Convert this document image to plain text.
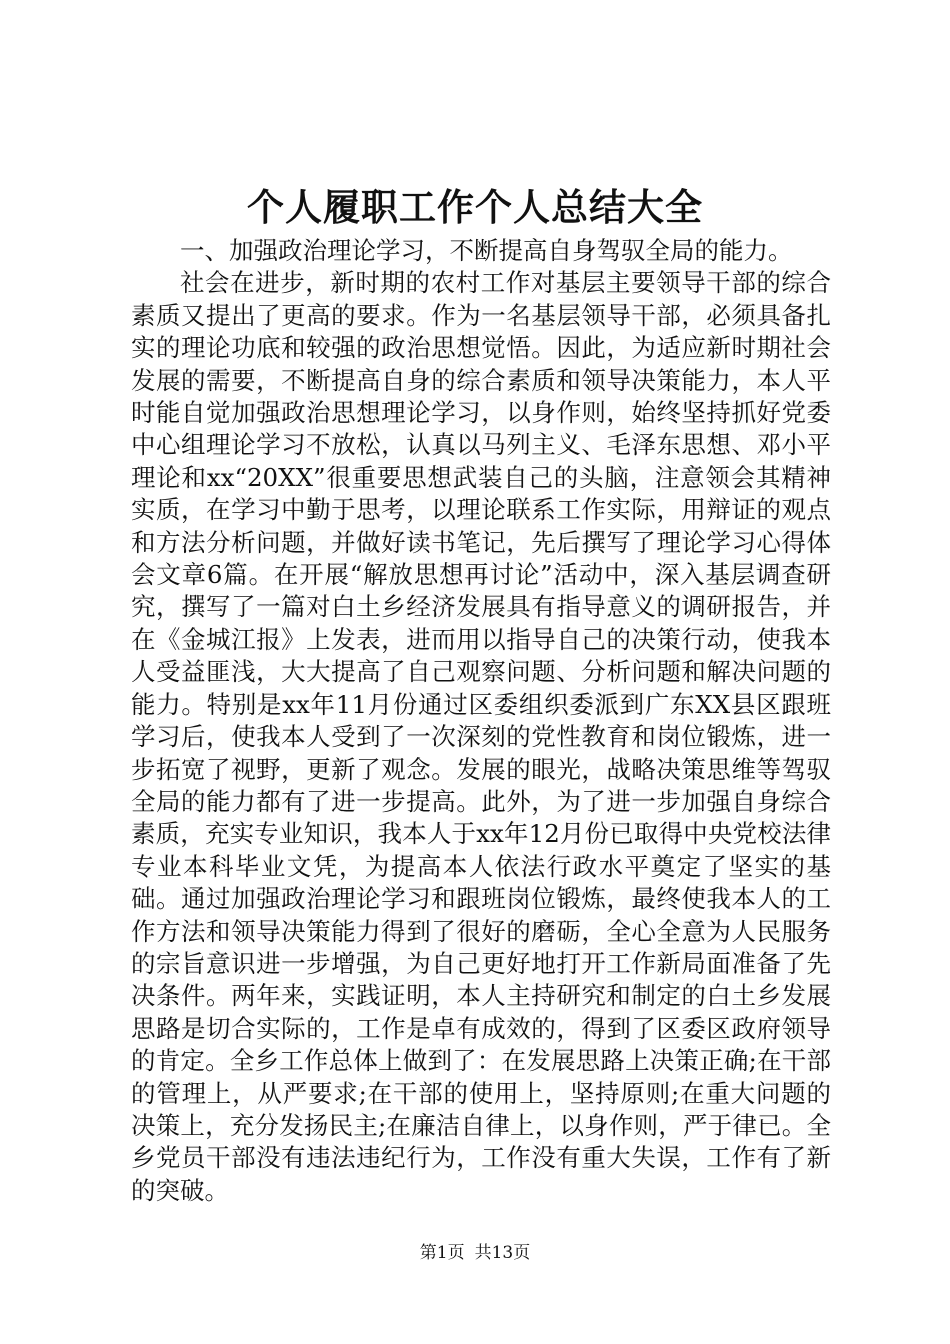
个人履职工作个人总结大全

一、加强政治理论学习，不断提高自身驾驭全局的能力。

社会在进步，新时期的农村工作对基层主要领导干部的综合素质又提出了更高的要求。作为一名基层领导干部，必须具备扎实的理论功底和较强的政治思想觉悟。因此，为适应新时期社会发展的需要，不断提高自身的综合素质和领导决策能力，本人平时能自觉加强政治思想理论学习，以身作则，始终坚持抓好党委中心组理论学习不放松，认真以马列主义、毛泽东思想、邓小平理论和xx“20XX”很重要思想武装自己的头脑，注意领会其精神实质，在学习中勤于思考，以理论联系工作实际，用辩证的观点和方法分析问题，并做好读书笔记，先后撰写了理论学习心得体会文章6篇。在开展“解放思想再讨论”活动中，深入基层调查研究，撰写了一篇对白土乡经济发展具有指导意义的调研报告，并在《金城江报》上发表，进而用以指导自己的决策行动，使我本人受益匪浅，大大提高了自己观察问题、分析问题和解决问题的能力。特别是xx年11月份通过区委组织委派到广东XX县区跟班学习后，使我本人受到了一次深刻的党性教育和岗位锻炼，进一步拓宽了视野，更新了观念。发展的眼光，战略决策思维等驾驭全局的能力都有了进一步提高。此外，为了进一步加强自身综合素质，充实专业知识，我本人于xx年12月份已取得中央党校法律专业本科毕业文凭，为提高本人依法行政水平奠定了坚实的基础。通过加强政治理论学习和跟班岗位锻炼，最终使我本人的工作方法和领导决策能力得到了很好的磨砺，全心全意为人民服务的宗旨意识进一步增强，为自己更好地打开工作新局面准备了先决条件。两年来，实践证明，本人主持研究和制定的白土乡发展思路是切合实际的，工作是卓有成效的，得到了区委区政府领导的肯定。全乡工作总体上做到了：在发展思路上决策正确;在干部的管理上，从严要求;在干部的使用上，坚持原则;在重大问题的决策上，充分发扬民主;在廉洁自律上，以身作则，严于律已。全乡党员干部没有违法违纪行为，工作没有重大失误，工作有了新的突破。

第1页 共13页
